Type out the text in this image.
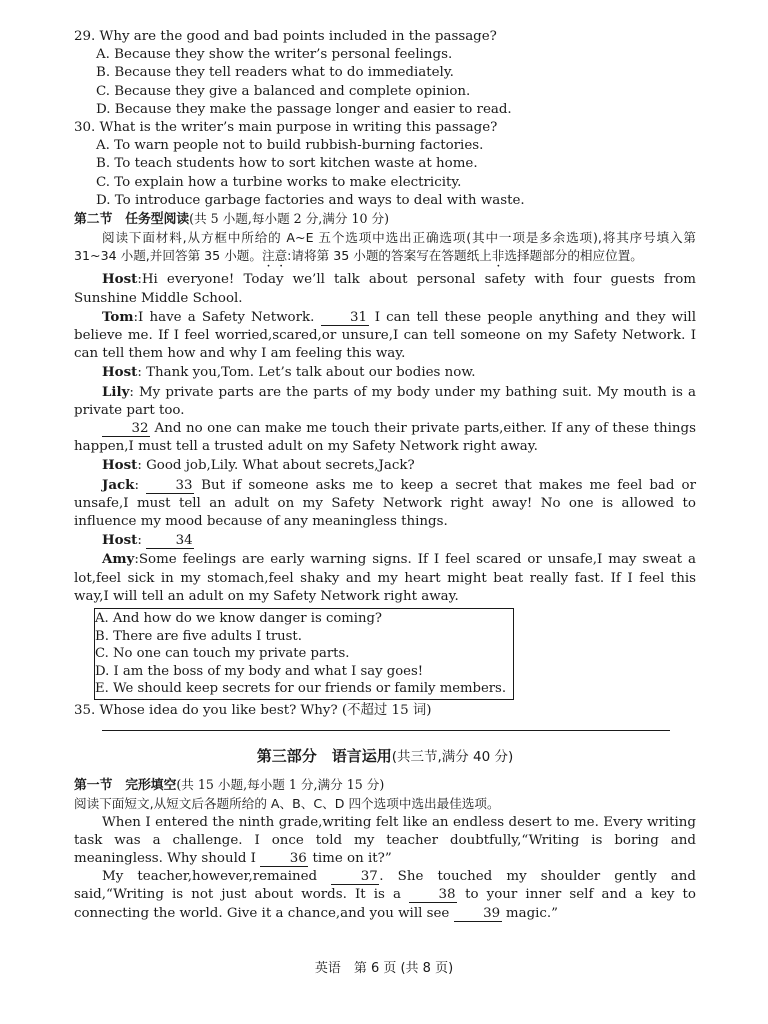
29. Why are the good and bad points included in the passage?
A. Because they show the writer’s personal feelings.
B. Because they tell readers what to do immediately.
C. Because they give a balanced and complete opinion.
D. Because they make the passage longer and easier to read.
30. What is the writer’s main purpose in writing this passage?
A. To warn people not to build rubbish-burning factories.
B. To teach students how to sort kitchen waste at home.
C. To explain how a turbine works to make electricity.
D. To introduce garbage factories and ways to deal with waste.
第二节　任务型阅读(共 5 小题,每小题 2 分,满分 10 分)
阅读下面材料,从方框中所给的 A~E 五个选项中选出正确选项(其中一项是多余选项),将其序号填入第 31~34 小题,并回答第 35 小题。注意:请将第 35 小题的答案写在答题纸上非选择题部分的相应位置。
Host:Hi everyone! Today we’ll talk about personal safety with four guests from Sunshine Middle School.
Tom:I have a Safety Network.	31 I can tell these people anything and they will believe me. If I feel worried,scared,or unsure,I can tell someone on my Safety Network. I can tell them how and why I am feeling this way.
Host: Thank you,Tom. Let’s talk about our bodies now.
Lily: My private parts are the parts of my body under my bathing suit. My mouth is a private part too.
32 And no one can make me touch their private parts,either. If any of these things happen,I must tell a trusted adult on my Safety Network right away.
Host: Good job,Lily. What about secrets,Jack?
Jack:	33 But if someone asks me to keep a secret that makes me feel bad or unsafe,I must tell an adult on my Safety Network right away! No one is allowed to influence my mood because of any meaningless things.
Host:	34
Amy:Some feelings are early warning signs. If I feel scared or unsafe,I may sweat a lot,feel sick in my stomach,feel shaky and my heart might beat really fast. If I feel this way,I will tell an adult on my Safety Network right away.
A. And how do we know danger is coming?
B. There are five adults I trust.
C. No one can touch my private parts.
D. I am the boss of my body and what I say goes!
E. We should keep secrets for our friends or family members.
35. Whose idea do you like best? Why? (不超过 15 词)
第三部分　语言运用(共三节,满分 40 分)
第一节　完形填空(共 15 小题,每小题 1 分,满分 15 分)
阅读下面短文,从短文后各题所给的 A、B、C、D 四个选项中选出最佳选项。
When I entered the ninth grade,writing felt like an endless desert to me. Every writing task was a challenge. I once told my teacher doubtfully,“Writing is boring and meaningless. Why should I	36 time on it?”
My teacher,however,remained	37. She touched my shoulder gently and said,“Writing is not just about words. It is a	38 to your inner self and a key to connecting the world. Give it a chance,and you will see	39 magic.”
英语　第 6 页 (共 8 页)
